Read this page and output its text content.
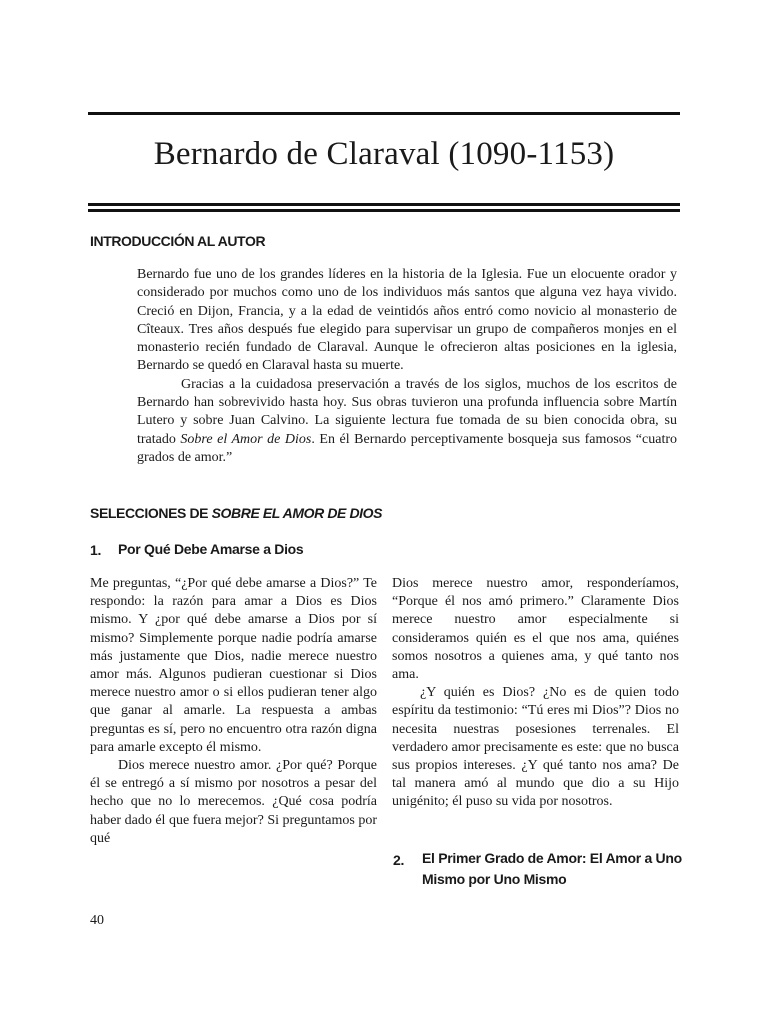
Bernardo de Claraval (1090-1153)
INTRODUCCIÓN AL AUTOR

Bernardo fue uno de los grandes líderes en la historia de la Iglesia. Fue un elocuente orador y considerado por muchos como uno de los individuos más santos que alguna vez haya vivido. Creció en Dijon, Francia, y a la edad de veintidós años entró como novicio al monasterio de Cîteaux. Tres años después fue elegido para supervisar un grupo de compañeros monjes en el monasterio recién fundado de Claraval. Aunque le ofrecieron altas posiciones en la iglesia, Bernardo se quedó en Claraval hasta su muerte.

Gracias a la cuidadosa preservación a través de los siglos, muchos de los escritos de Bernardo han sobrevivido hasta hoy. Sus obras tuvieron una profunda influencia sobre Martín Lutero y sobre Juan Calvino. La siguiente lectura fue tomada de su bien conocida obra, su tratado Sobre el Amor de Dios. En él Bernardo perceptivamente bosqueja sus famosos “cuatro grados de amor.”

SELECCIONES DE SOBRE EL AMOR DE DIOS
1. Por Qué Debe Amarse a Dios

Me preguntas, “¿Por qué debe amarse a Dios?” Te respondo: la razón para amar a Dios es Dios mismo. Y ¿por qué debe amarse a Dios por sí mismo? Simplemente porque nadie podría amarse más justamente que Dios, nadie merece nuestro amor más. Algunos pudieran cuestionar si Dios merece nuestro amor o si ellos pudieran tener algo que ganar al amarle. La respuesta a ambas preguntas es sí, pero no encuentro otra razón digna para amarle excepto él mismo.

Dios merece nuestro amor. ¿Por qué? Porque él se entregó a sí mismo por nosotros a pesar del hecho que no lo merecemos. ¿Qué cosa podría haber dado él que fuera mejor? Si preguntamos por qué

Dios merece nuestro amor, responderíamos, “Porque él nos amó primero.” Claramente Dios merece nuestro amor especialmente si consideramos quién es el que nos ama, quiénes somos nosotros a quienes ama, y qué tanto nos ama.

¿Y quién es Dios? ¿No es de quien todo espíritu da testimonio: “Tú eres mi Dios”? Dios no necesita nuestras posesiones terrenales. El verdadero amor precisamente es este: que no busca sus propios intereses. ¿Y qué tanto nos ama? De tal manera amó al mundo que dio a su Hijo unigénito; él puso su vida por nosotros.

2. El Primer Grado de Amor: El Amor a Uno Mismo por Uno Mismo
40
